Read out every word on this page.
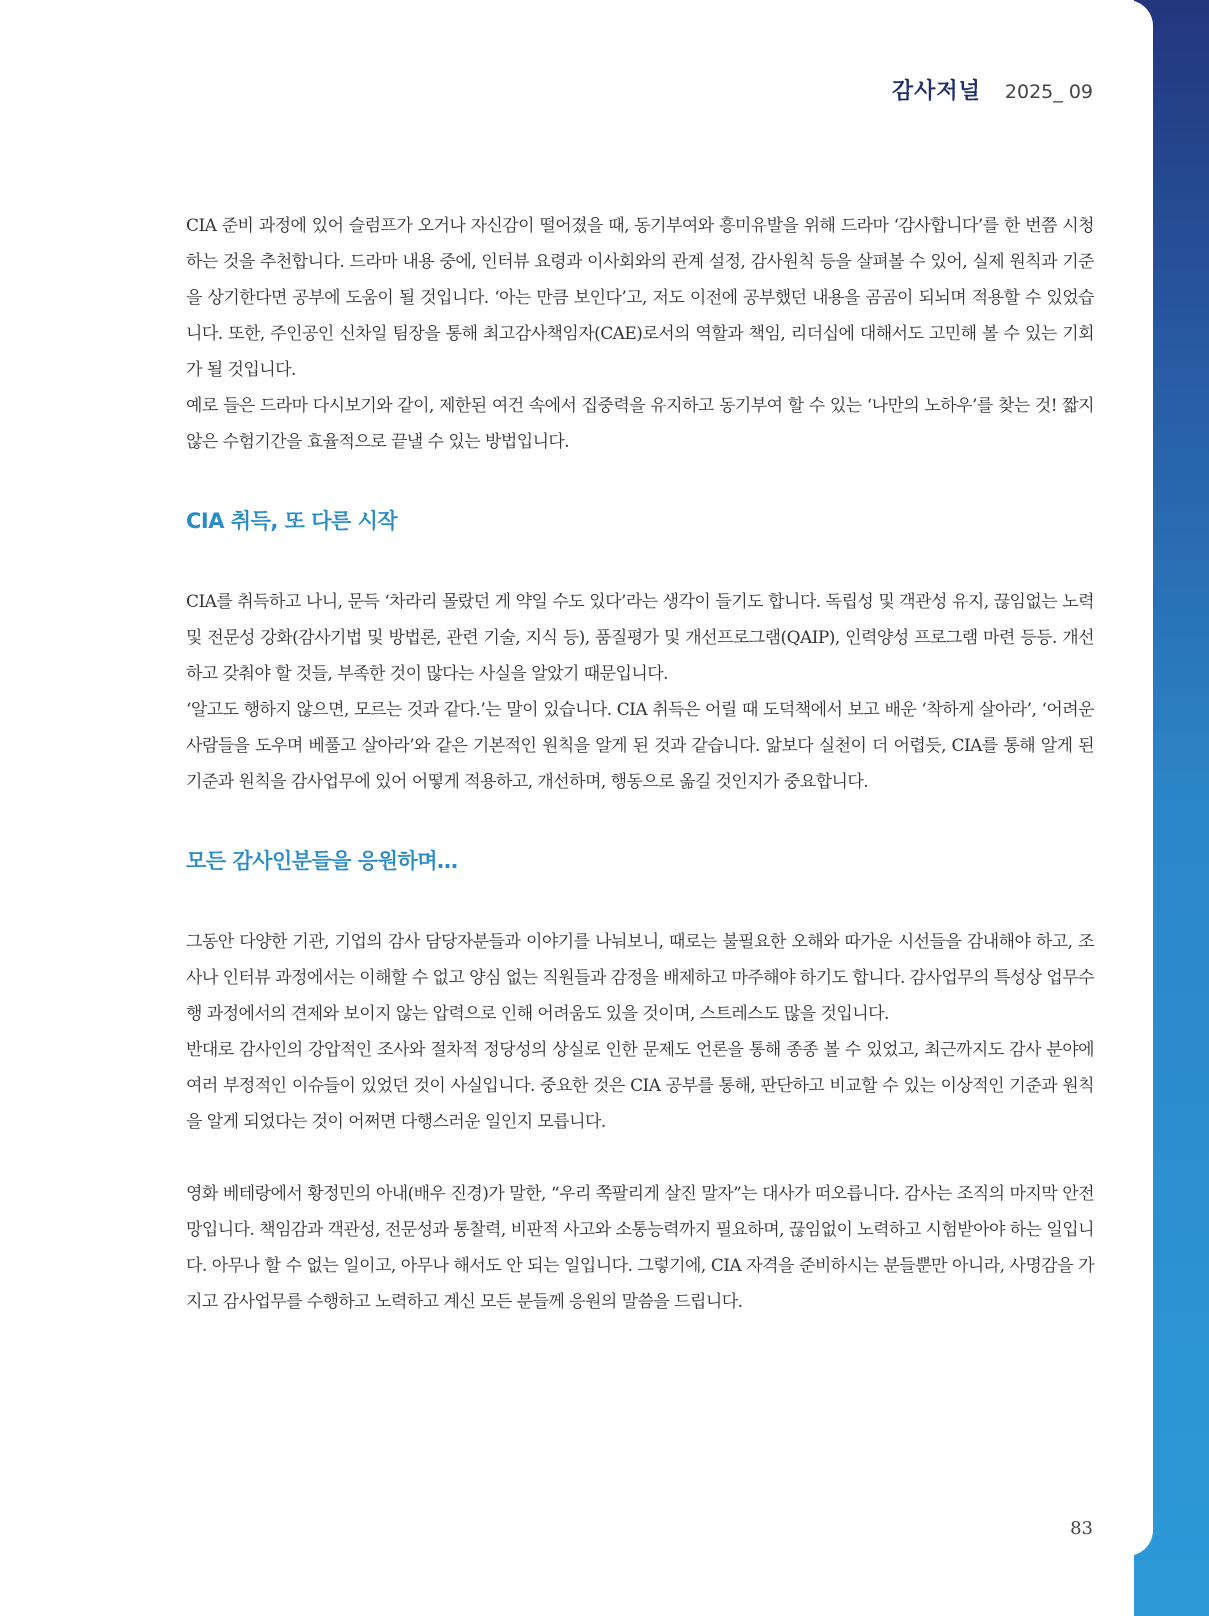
감사저널 2025_ 09

CIA 준비 과정에 있어 슬럼프가 오거나 자신감이 떨어졌을 때, 동기부여와 흥미유발을 위해 드라마 ‘감사합니다’를 한 번쯤 시청하는 것을 추천합니다. 드라마 내용 중에, 인터뷰 요령과 이사회와의 관계 설정, 감사원칙 등을 살펴볼 수 있어, 실제 원칙과 기준을 상기한다면 공부에 도움이 될 것입니다. ‘아는 만큼 보인다’고, 저도 이전에 공부했던 내용을 곰곰이 되뇌며 적용할 수 있었습니다. 또한, 주인공인 신차일 팀장을 통해 최고감사책임자(CAE)로서의 역할과 책임, 리더십에 대해서도 고민해 볼 수 있는 기회가 될 것입니다.

예로 들은 드라마 다시보기와 같이, 제한된 여건 속에서 집중력을 유지하고 동기부여 할 수 있는 ‘나만의 노하우’를 찾는 것! 짧지 않은 수험기간을 효율적으로 끝낼 수 있는 방법입니다.

CIA 취득, 또 다른 시작

CIA를 취득하고 나니, 문득 ‘차라리 몰랐던 게 약일 수도 있다’라는 생각이 들기도 합니다. 독립성 및 객관성 유지, 끊임없는 노력 및 전문성 강화(감사기법 및 방법론, 관련 기술, 지식 등), 품질평가 및 개선프로그램(QAIP), 인력양성 프로그램 마련 등등. 개선하고 갖춰야 할 것들, 부족한 것이 많다는 사실을 알았기 때문입니다.

‘알고도 행하지 않으면, 모르는 것과 같다.’는 말이 있습니다. CIA 취득은 어릴 때 도덕책에서 보고 배운 ‘착하게 살아라’, ‘어려운 사람들을 도우며 베풀고 살아라’와 같은 기본적인 원칙을 알게 된 것과 같습니다. 앎보다 실천이 더 어렵듯, CIA를 통해 알게 된 기준과 원칙을 감사업무에 있어 어떻게 적용하고, 개선하며, 행동으로 옮길 것인지가 중요합니다.

모든 감사인분들을 응원하며…

그동안 다양한 기관, 기업의 감사 담당자분들과 이야기를 나눠보니, 때로는 불필요한 오해와 따가운 시선들을 감내해야 하고, 조사나 인터뷰 과정에서는 이해할 수 없고 양심 없는 직원들과 감정을 배제하고 마주해야 하기도 합니다. 감사업무의 특성상 업무수행 과정에서의 견제와 보이지 않는 압력으로 인해 어려움도 있을 것이며, 스트레스도 많을 것입니다.

반대로 감사인의 강압적인 조사와 절차적 정당성의 상실로 인한 문제도 언론을 통해 종종 볼 수 있었고, 최근까지도 감사 분야에 여러 부정적인 이슈들이 있었던 것이 사실입니다. 중요한 것은 CIA 공부를 통해, 판단하고 비교할 수 있는 이상적인 기준과 원칙을 알게 되었다는 것이 어쩌면 다행스러운 일인지 모릅니다.

영화 베테랑에서 황정민의 아내(배우 진경)가 말한, “우리 쪽팔리게 살진 말자”는 대사가 떠오릅니다. 감사는 조직의 마지막 안전망입니다. 책임감과 객관성, 전문성과 통찰력, 비판적 사고와 소통능력까지 필요하며, 끊임없이 노력하고 시험받아야 하는 일입니다. 아무나 할 수 없는 일이고, 아무나 해서도 안 되는 일입니다. 그렇기에, CIA 자격을 준비하시는 분들뿐만 아니라, 사명감을 가지고 감사업무를 수행하고 노력하고 계신 모든 분들께 응원의 말씀을 드립니다.

83
